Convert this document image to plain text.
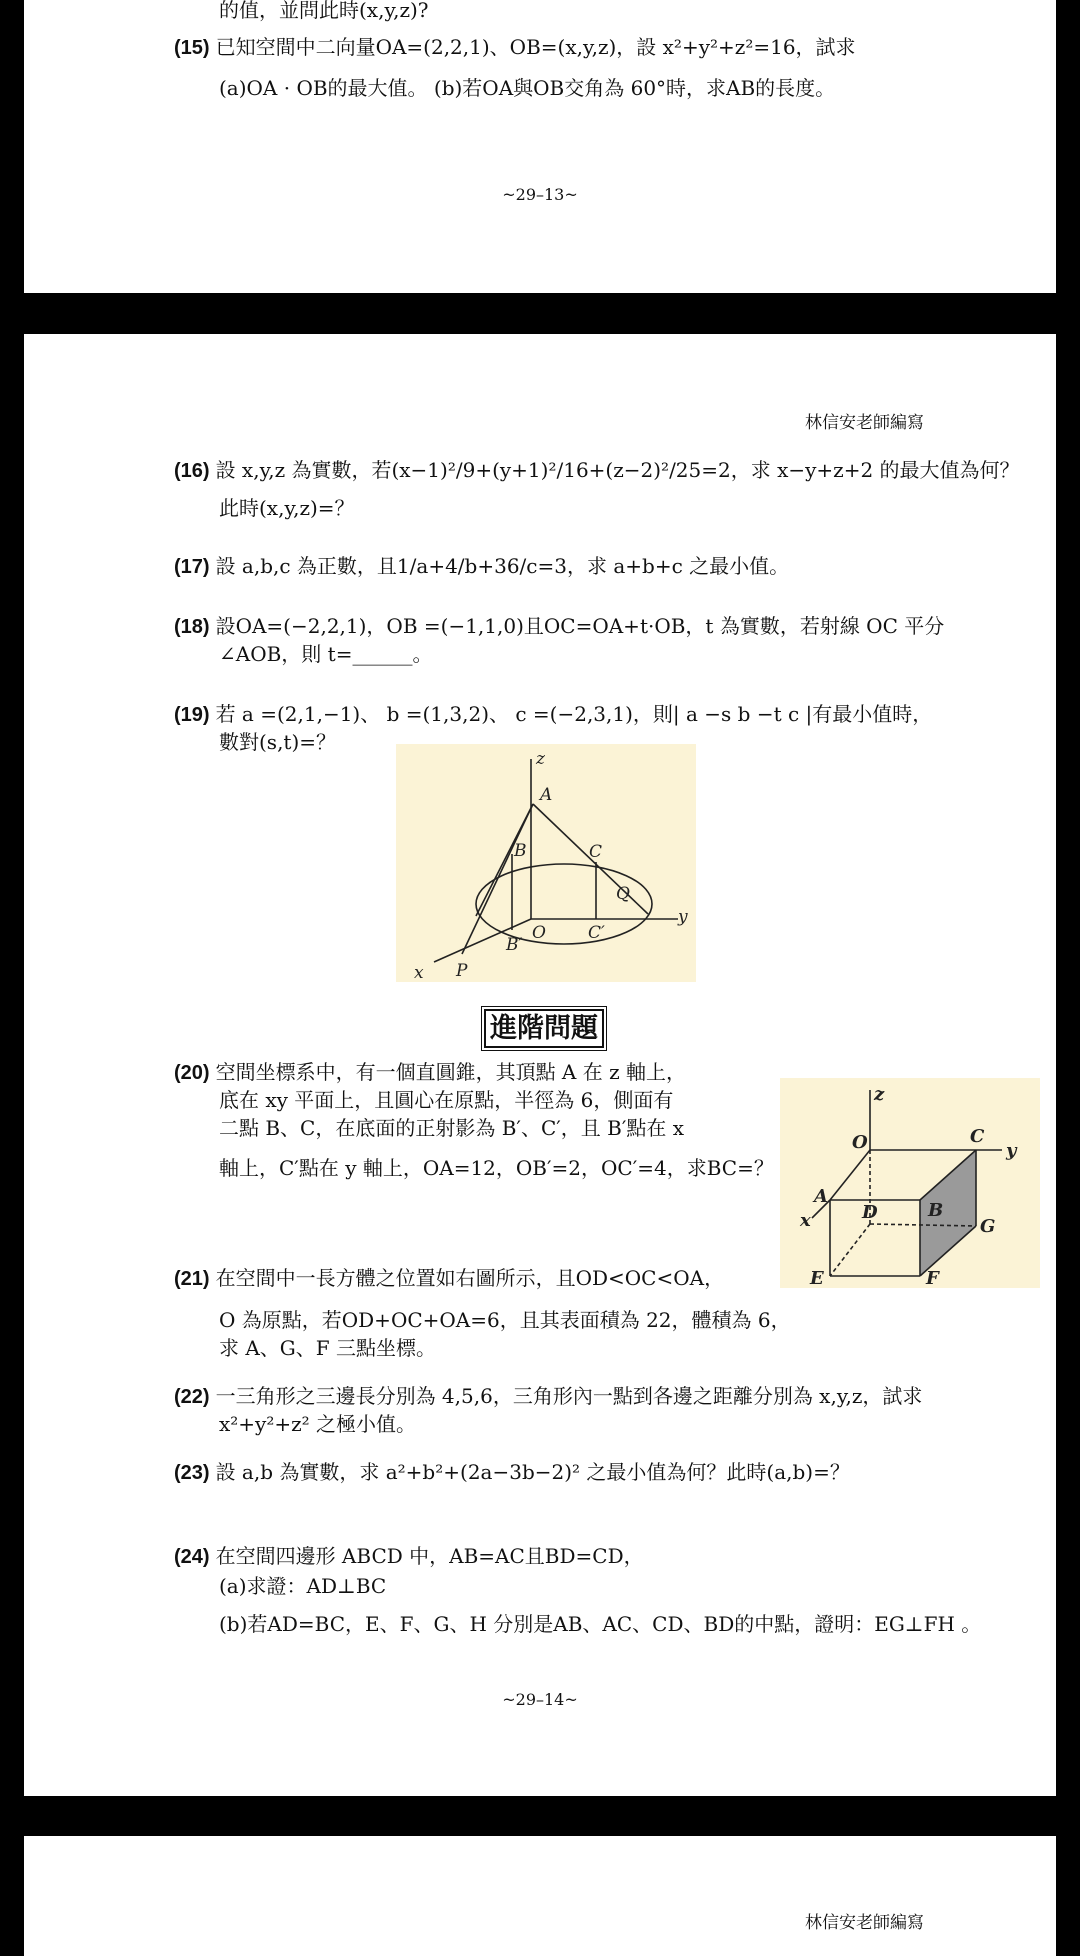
的值，並問此時(x,y,z)?
(15) 已知空間中二向量OA=(2,2,1)、OB=(x,y,z)，設 x²+y²+z²=16，試求
(a)OA · OB的最大值。 (b)若OA與OB交角為 60°時，求AB的長度。
~29–13~
林信安老師編寫
(16) 設 x,y,z 為實數，若(x−1)²/9+(y+1)²/16+(z−2)²/25=2，求 x−y+z+2 的最大值為何？
此時(x,y,z)=？
(17) 設 a,b,c 為正數，且1/a+4/b+36/c=3，求 a+b+c 之最小值。
(18) 設OA=(−2,2,1)，OB =(−1,1,0)且OC=OA+t·OB，t 為實數，若射線 OC 平分
∠AOB，則 t=______。
(19) 若 a =(2,1,−1)、 b =(1,3,2)、 c =(−2,3,1)，則| a −s b −t c |有最小值時，
數對(s,t)=？
z
A
B	C
Q
y
B′
O C′
x P
進階問題
(20) 空間坐標系中，有一個直圓錐，其頂點 A 在 z 軸上，
底在 xy 平面上，且圓心在原點，半徑為 6，側面有
二點 B、C，在底面的正射影為 B′、C′，且 B′點在 x
軸上，C′點在 y 軸上，OA=12，OB′=2，OC′=4，求BC=？
z
O	C
y
A
x	D	B
G
E	F
(21) 在空間中一長方體之位置如右圖所示，且OD<OC<OA，
O 為原點，若OD+OC+OA=6，且其表面積為 22，體積為 6，
求 A、G、F 三點坐標。
(22) 一三角形之三邊長分別為 4,5,6，三角形內一點到各邊之距離分別為 x,y,z，試求
x²+y²+z² 之極小值。
(23) 設 a,b 為實數，求 a²+b²+(2a−3b−2)² 之最小值為何？此時(a,b)=？
(24) 在空間四邊形 ABCD 中，AB=AC且BD=CD，
(a)求證：AD⊥BC
(b)若AD=BC，E、F、G、H 分別是AB、AC、CD、BD的中點，證明：EG⊥FH 。
~29–14~
林信安老師編寫
